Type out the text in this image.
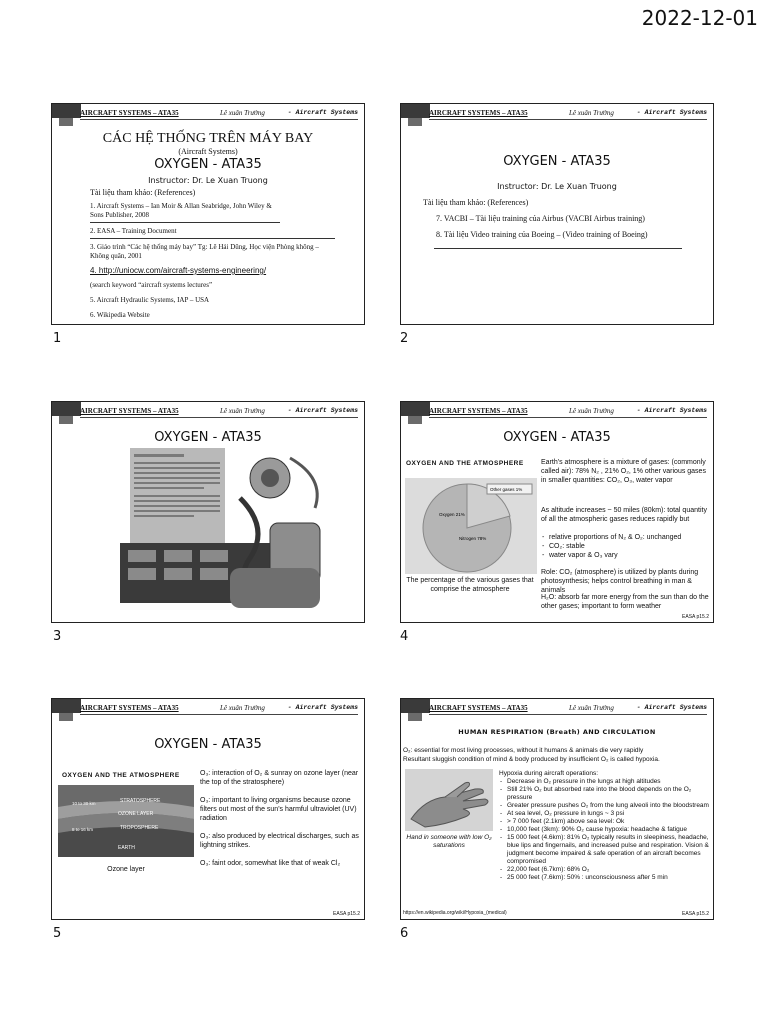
2022-12-01
AIRCRAFT SYSTEMS – ATA35	Lê xuân Trường	- Aircraft Systems
CÁC HỆ THỐNG TRÊN MÁY BAY
(Aircraft Systems)
OXYGEN - ATA35
Instructor: Dr. Le Xuan Truong
Tài liệu tham khảo: (References)
1. Aircraft Systems – Ian Moir & Allan Seabridge, John Wiley & Sons Publisher, 2008
2. EASA – Training Document
3. Giáo trình “Các hệ thống máy bay” Tg: Lê Hải Dũng, Học viện Phòng không – Không quân, 2001
4. http://uniocw.com/aircraft-systems-engineering/
(search keyword “aircraft systems lectures”
5. Aircraft Hydraulic Systems, IAP – USA
6. Wikipedia Website
1
AIRCRAFT SYSTEMS – ATA35	Lê xuân Trường	- Aircraft Systems
OXYGEN - ATA35
Instructor: Dr. Le Xuan Truong
Tài liệu tham khảo: (References)
7. VACBI – Tài liệu training của Airbus (VACBI Airbus training)
8. Tài liệu Video training của Boeing – (Video training of Boeing)
2
AIRCRAFT SYSTEMS – ATA35	Lê xuân Trường	- Aircraft Systems
OXYGEN - ATA35
3
AIRCRAFT SYSTEMS – ATA35	Lê xuân Trường	- Aircraft Systems
OXYGEN - ATA35
OXYGEN AND THE ATMOSPHERE
Other gases 1%
Oxygen 21%
Nitrogen 78%
The percentage of the various gases that comprise the atmosphere
Earth's atmosphere is a mixture of gases: (commonly called air): 78% N₂ , 21% O₂, 1% other various gases in smaller quantities: CO₂, O₃, water vapor
As altitude increases ~ 50 miles (80km): total quantity of all the atmospheric gases reduces rapidly but
- relative proportions of N₂ & O₂: unchanged
- CO₂: stable
- water vapor & O₃ vary
Role: CO₂ (atmosphere) is utilized by plants during photosynthesis; helps control breathing in man & animals
H₂O: absorb far more energy from the sun than do the other gases; important to form weather
EASA p15.2
4
AIRCRAFT SYSTEMS – ATA35	Lê xuân Trường	- Aircraft Systems
OXYGEN - ATA35
OXYGEN AND THE ATMOSPHERE
STRATOSPHERE
OZONE LAYER
TROPOSPHERE
EARTH
10 to 30 km
8 to 16 km
Ozone layer
O₃: interaction of O₂ & sunray on ozone layer (near the top of the stratosphere)
O₃: important to living organisms because ozone filters out most of the sun's harmful ultraviolet (UV) radiation
O₃: also produced by electrical discharges, such as lightning strikes.
O₃: faint odor, somewhat like that of weak Cl₂
EASA p15.2
5
AIRCRAFT SYSTEMS – ATA35	Lê xuân Trường	- Aircraft Systems
HUMAN RESPIRATION (Breath) AND CIRCULATION
O₂: essential for most living processes, without it humans & animals die very rapidly
Resultant sluggish condition of mind & body produced by insufficient O₂ is called hypoxia.
Hand in someone with low O₂ saturations
Hypoxia during aircraft operations:
- Decrease in O₂ pressure in the lungs at high altitudes
- Still 21% O₂ but absorbed rate into the blood depends on the O₂ pressure
- Greater pressure pushes O₂ from the lung alveoli into the bloodstream
- At sea level, O₂ pressure in lungs ~ 3 psi
- > 7 000 feet (2.1km) above sea level: Ok
- 10,000 feet (3km): 90% O₂ cause hypoxia: headache & fatigue
- 15 000 feet (4.6km): 81% O₂ typically results in sleepiness, headache, blue lips and fingernails, and increased pulse and respiration. Vision & judgment become impaired & safe operation of an aircraft becomes compromised
- 22,000 feet (6.7km): 68% O₂
- 25 000 feet (7.6km): 50% : unconsciousness after 5 min
https://en.wikipedia.org/wiki/Hypoxia_(medical)	EASA p15.2
6
